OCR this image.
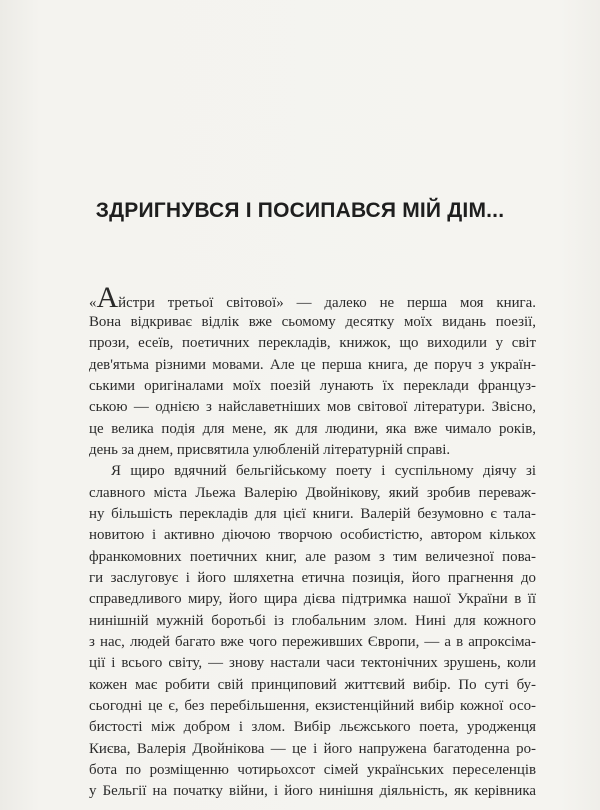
ЗДРИГНУВСЯ І ПОСИПАВСЯ МІЙ ДІМ...
«Айстри третьої світової» — далеко не перша моя книга.
Вона відкриває відлік вже сьомому десятку моїх видань поезії,
прози, есеїв, поетичних перекладів, книжок, що виходили у світ
дев'ятьма різними мовами. Але це перша книга, де поруч з україн-
ськими оригіналами моїх поезій лунають їх переклади француз-
ською — однією з найславетніших мов світової літератури. Звісно,
це велика подія для мене, як для людини, яка вже чимало років,
день за днем, присвятила улюбленій літературній справі.
Я щиро вдячний бельгійському поету і суспільному діячу зі
славного міста Льежа Валерію Двойнікову, який зробив переваж-
ну більшість перекладів для цієї книги. Валерій безумовно є тала-
новитою і активно діючою творчою особистістю, автором кількох
франкомовних поетичних книг, але разом з тим величезної пова-
ги заслуговує і його шляхетна етична позиція, його прагнення до
справедливого миру, його щира дієва підтримка нашої України в її
нинішній мужній боротьбі із глобальним злом. Нині для кожного
з нас, людей багато вже чого переживших Європи, — а в апроксіма-
ції і всього світу, — знову настали часи тектонічних зрушень, коли
кожен має робити свій принциповий життєвий вибір. По суті бу-
сьогодні це є, без перебільшення, екзистенційний вибір кожної осо-
бистості між добром і злом. Вибір льєжського поета, уродженця
Києва, Валерія Двойнікова — це і його напружена багатоденна ро-
бота по розміщенню чотирьохсот сімей українських переселенців
у Бельгії на початку війни, і його нинішня діяльність, як керівника
